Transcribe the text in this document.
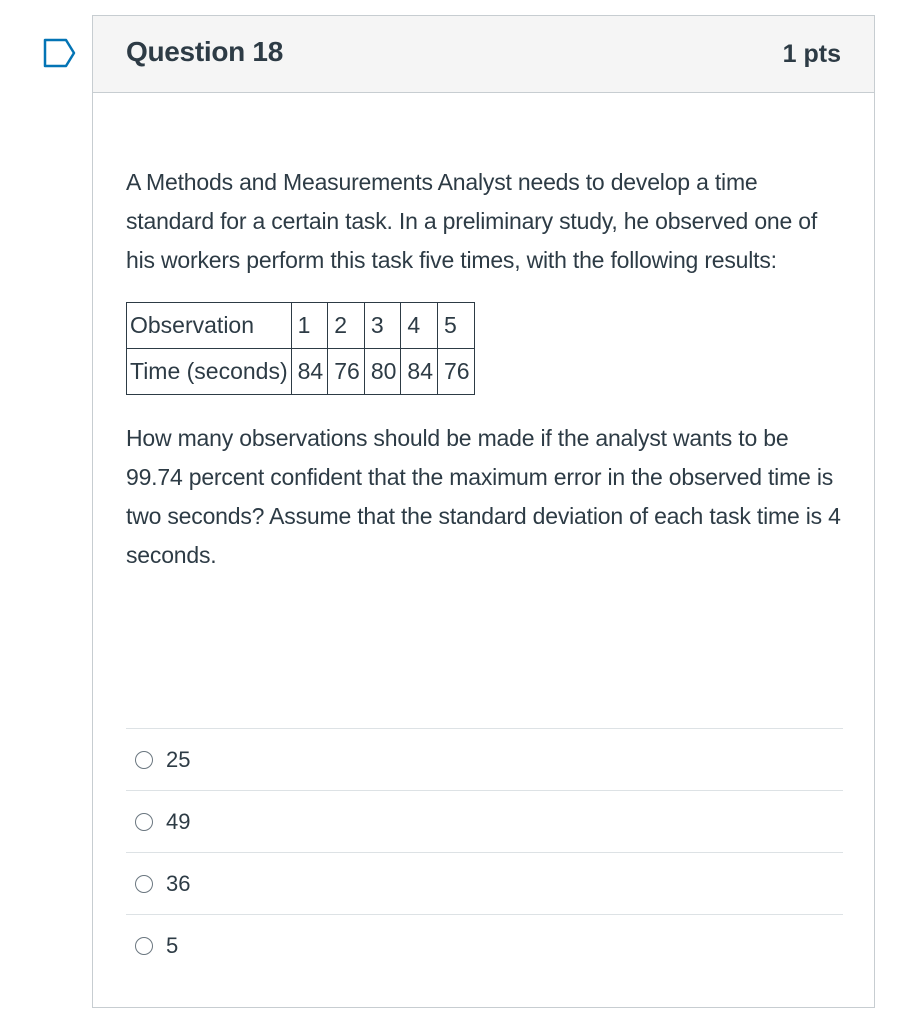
Question 18	1 pts

A Methods and Measurements Analyst needs to develop a time standard for a certain task. In a preliminary study, he observed one of his workers perform this task five times, with the following results:

Observation	1	2	3	4	5
Time (seconds)	84	76	80	84	76

How many observations should be made if the analyst wants to be 99.74 percent confident that the maximum error in the observed time is two seconds? Assume that the standard deviation of each task time is 4 seconds.

25
49
36
5
